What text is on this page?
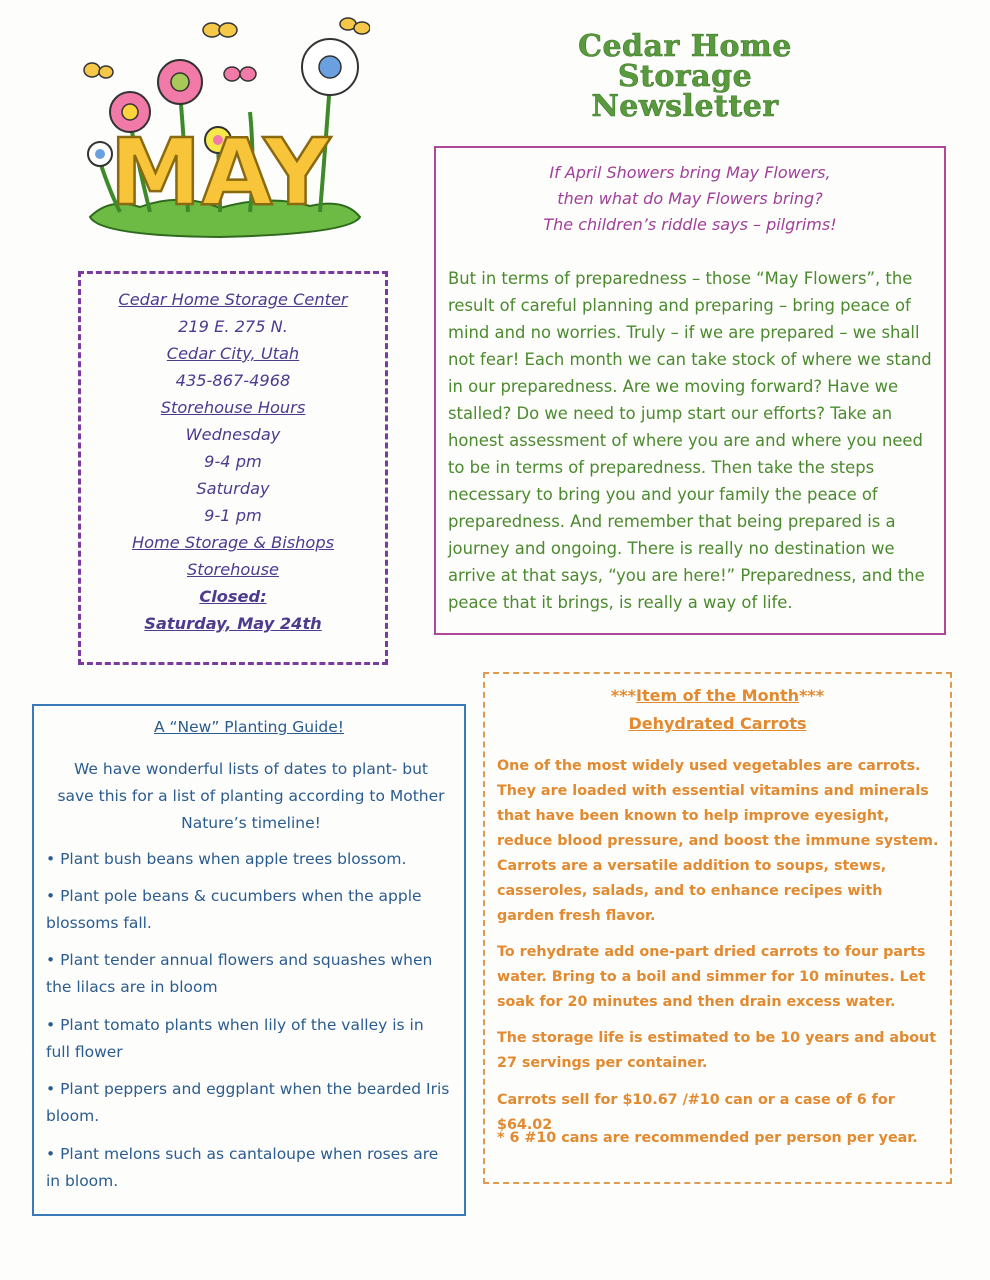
MAY
Cedar Home
Storage
Newsletter
If April Showers bring May Flowers,
then what do May Flowers bring?
The children’s riddle says – pilgrims!
But in terms of preparedness – those “May Flowers”, the result of careful planning and preparing – bring peace of mind and no worries. Truly – if we are prepared – we shall not fear! Each month we can take stock of where we stand in our preparedness. Are we moving forward? Have we stalled? Do we need to jump start our efforts? Take an honest assessment of where you are and where you need to be in terms of preparedness. Then take the steps necessary to bring you and your family the peace of preparedness. And remember that being prepared is a journey and ongoing. There is really no destination we arrive at that says, “you are here!” Preparedness, and the peace that it brings, is really a way of life.
Cedar Home Storage Center
219 E. 275 N.
Cedar City, Utah
435-867-4968
Storehouse Hours
Wednesday
9-4 pm
Saturday
9-1 pm
Home Storage & Bishops
Storehouse
Closed:
Saturday, May 24th
A “New” Planting Guide!
We have wonderful lists of dates to plant- but save this for a list of planting according to Mother Nature’s timeline!
• Plant bush beans when apple trees blossom.
• Plant pole beans & cucumbers when the apple blossoms fall.
• Plant tender annual flowers and squashes when the lilacs are in bloom
• Plant tomato plants when lily of the valley is in full flower
• Plant peppers and eggplant when the bearded Iris bloom.
• Plant melons such as cantaloupe when roses are in bloom.
***Item of the Month***
Dehydrated Carrots
One of the most widely used vegetables are carrots. They are loaded with essential vitamins and minerals that have been known to help improve eyesight, reduce blood pressure, and boost the immune system. Carrots are a versatile addition to soups, stews, casseroles, salads, and to enhance recipes with garden fresh flavor.
To rehydrate add one-part dried carrots to four parts water. Bring to a boil and simmer for 10 minutes. Let soak for 20 minutes and then drain excess water.
The storage life is estimated to be 10 years and about 27 servings per container.
Carrots sell for $10.67 /#10 can or a case of 6 for $64.02
* 6 #10 cans are recommended per person per year.
